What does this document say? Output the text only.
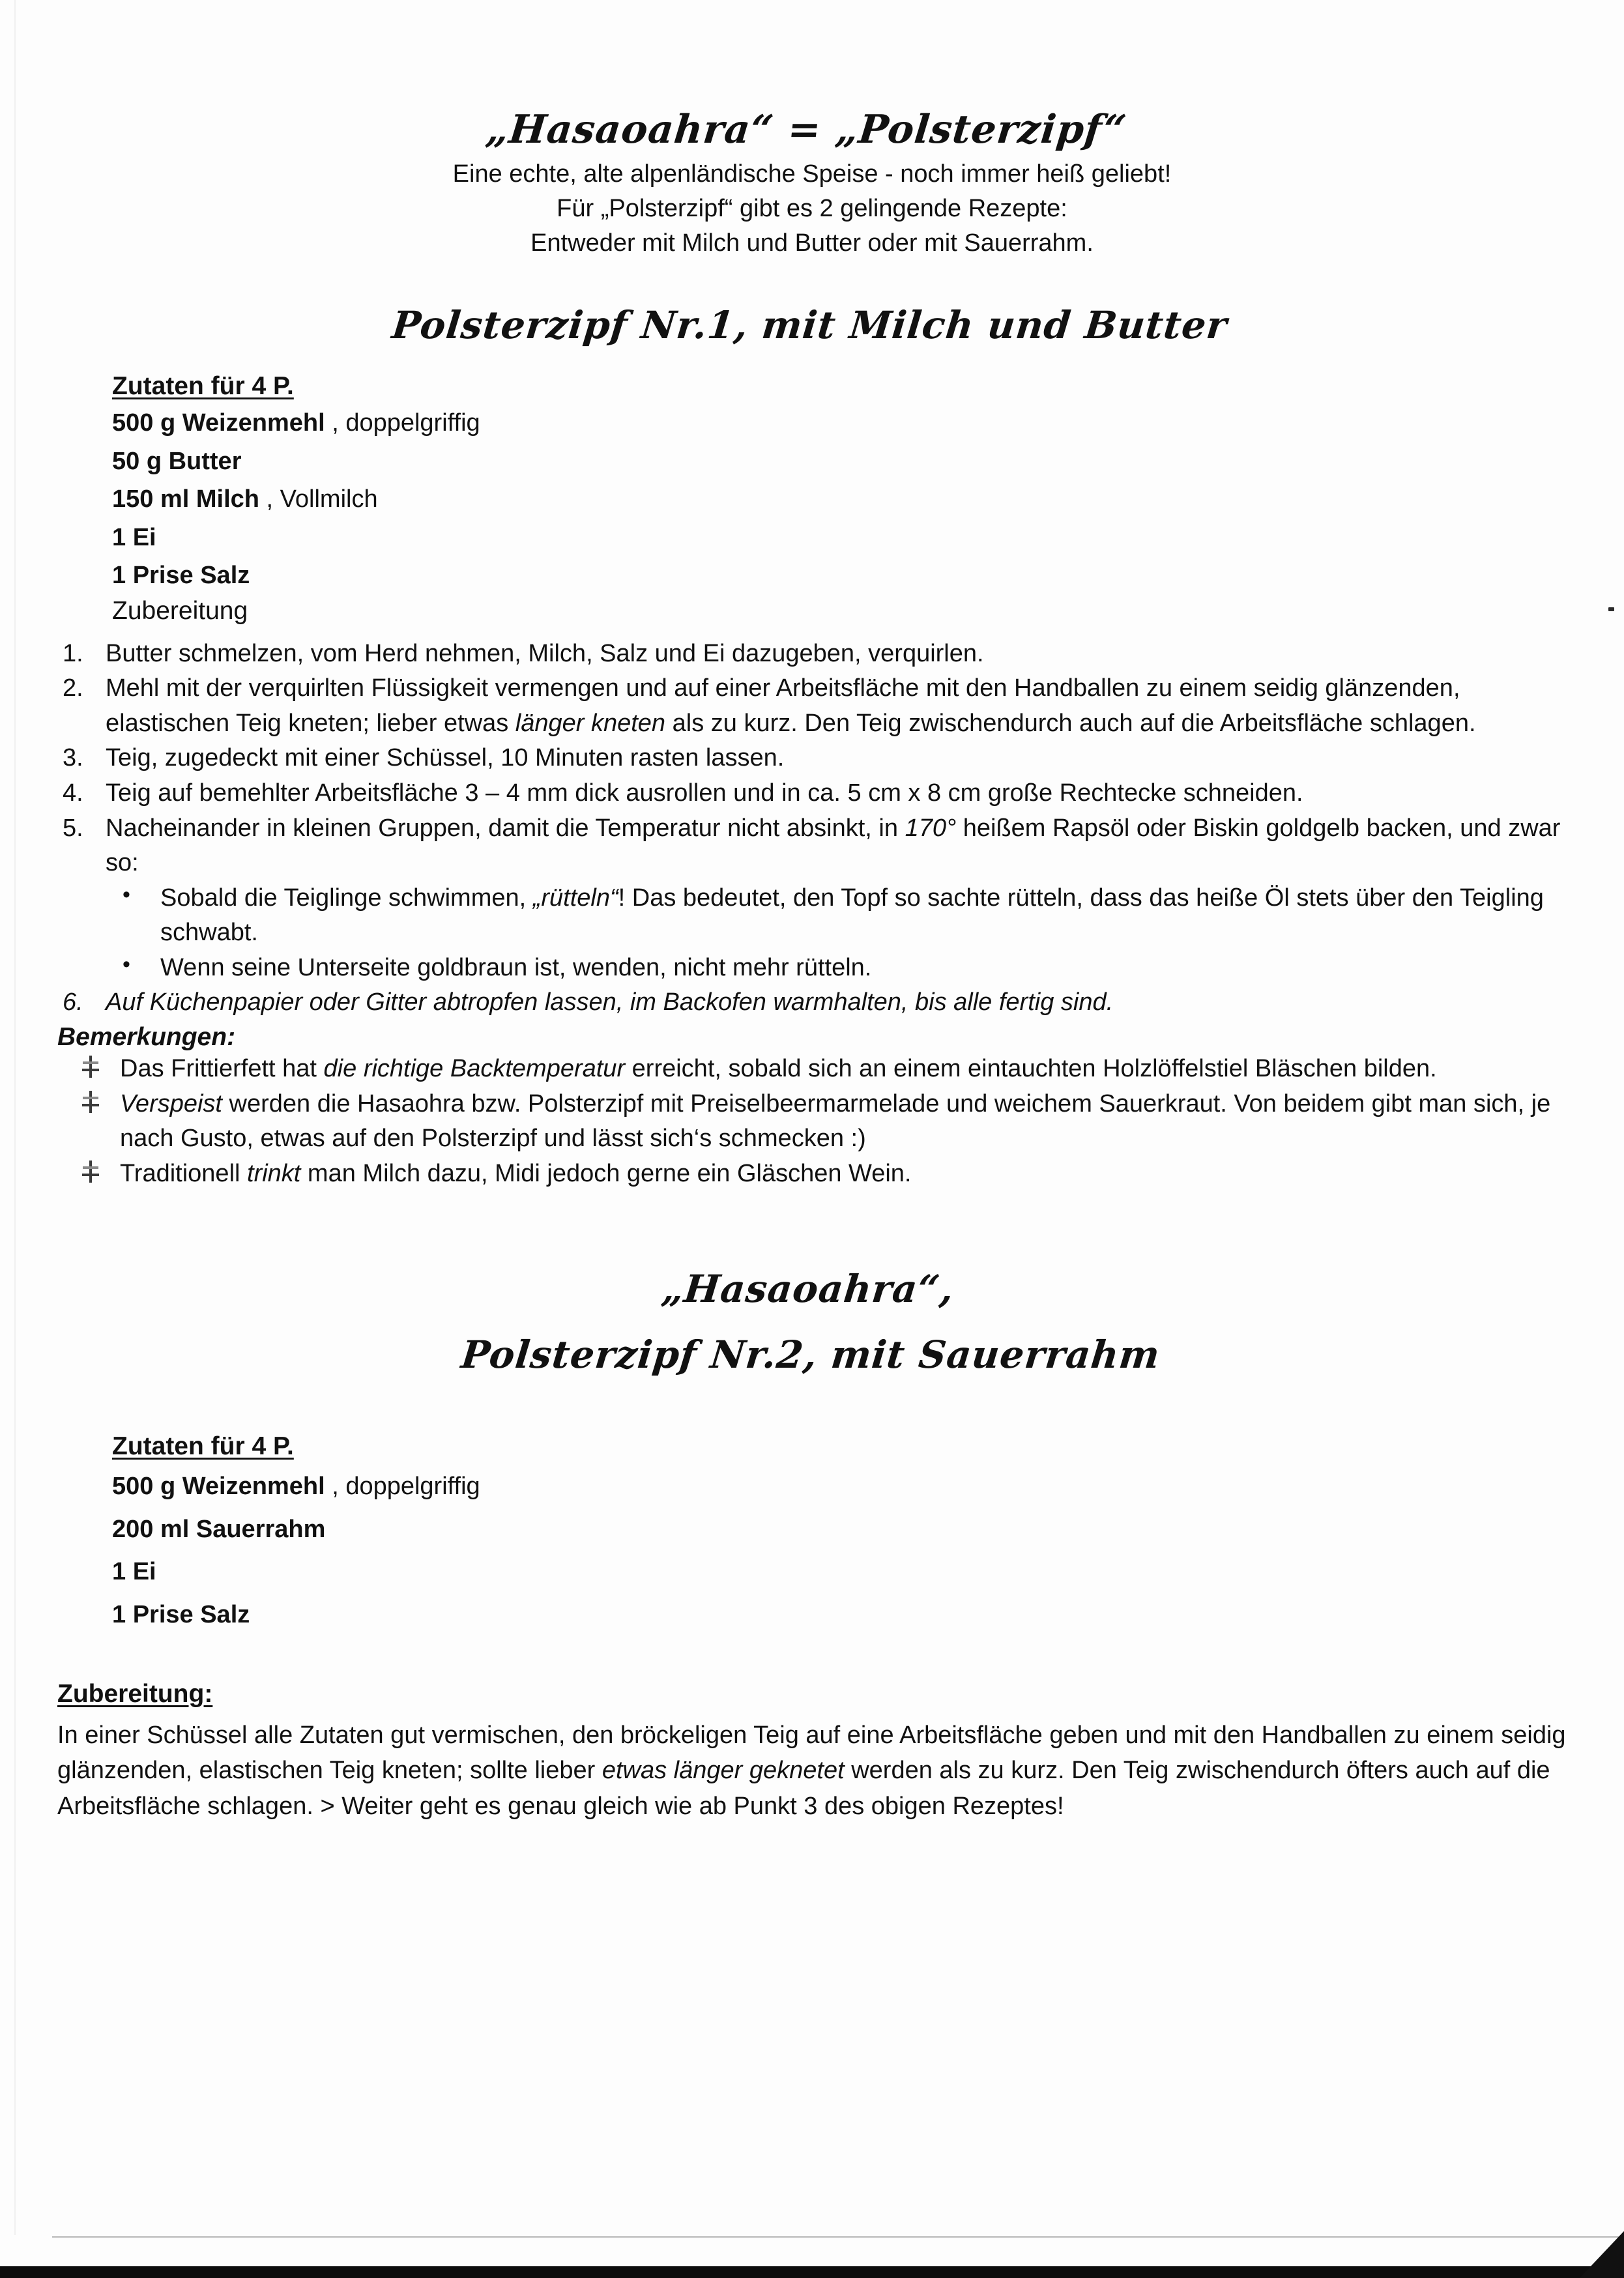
„Hasaoahra“ = „Polsterzipf“
Eine echte, alte alpenländische Speise - noch immer heiß geliebt!
Für „Polsterzipf“ gibt es 2 gelingende Rezepte:
Entweder mit Milch und Butter oder mit Sauerrahm.
Polsterzipf Nr.1, mit Milch und Butter
Zutaten für 4 P.

500 g Weizenmehl , doppelgriffig

50 g Butter

150 ml Milch , Vollmilch

1 Ei

1 Prise Salz

Zubereitung

Butter schmelzen, vom Herd nehmen, Milch, Salz und Ei dazugeben, verquirlen.
Mehl mit der verquirlten Flüssigkeit vermengen und auf einer Arbeitsfläche mit den Handballen zu einem seidig glänzenden, elastischen Teig kneten; lieber etwas länger kneten als zu kurz. Den Teig zwischendurch auch auf die Arbeitsfläche schlagen.
Teig, zugedeckt mit einer Schüssel, 10 Minuten rasten lassen.
Teig auf bemehlter Arbeitsfläche 3 – 4 mm dick ausrollen und in ca. 5 cm x 8 cm große Rechtecke schneiden.
Nacheinander in kleinen Gruppen, damit die Temperatur nicht absinkt, in 170° heißem Rapsöl oder Biskin goldgelb backen, und zwar so:
• Sobald die Teiglinge schwimmen, „rütteln“! Das bedeutet, den Topf so sachte rütteln, dass das heiße Öl stets über den Teigling schwabt.
• Wenn seine Unterseite goldbraun ist, wenden, nicht mehr rütteln.
6. Auf Küchenpapier oder Gitter abtropfen lassen, im Backofen warmhalten, bis alle fertig sind.
Bemerkungen:
Das Frittierfett hat die richtige Backtemperatur erreicht, sobald sich an einem eintauchten Holzlöffelstiel Bläschen bilden.
Verspeist werden die Hasaohra bzw. Polsterzipf mit Preiselbeermarmelade und weichem Sauerkraut. Von beidem gibt man sich, je nach Gusto, etwas auf den Polsterzipf und lässt sich‘s schmecken :)
Traditionell trinkt man Milch dazu, Midi jedoch gerne ein Gläschen Wein.
„Hasaoahra“,
Polsterzipf Nr.2, mit Sauerrahm
Zutaten für 4 P.

500 g Weizenmehl , doppelgriffig

200 ml Sauerrahm

1 Ei

1 Prise Salz

Zubereitung:

In einer Schüssel alle Zutaten gut vermischen, den bröckeligen Teig auf eine Arbeitsfläche geben und mit den Handballen zu einem seidig glänzenden, elastischen Teig kneten; sollte lieber etwas länger geknetet werden als zu kurz. Den Teig zwischendurch öfters auch auf die Arbeitsfläche schlagen. > Weiter geht es genau gleich wie ab Punkt 3 des obigen Rezeptes!
